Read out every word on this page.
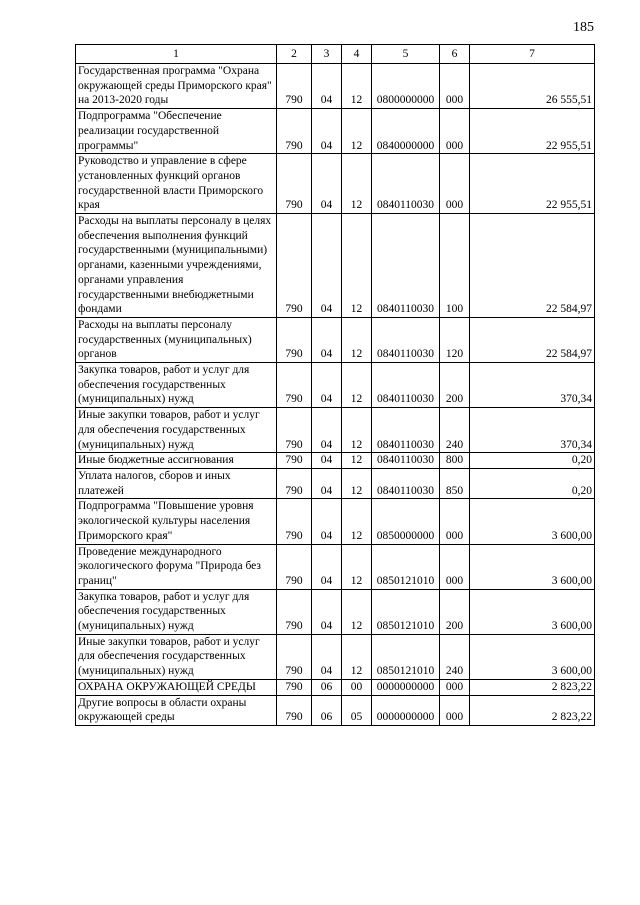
185
1	2	3	4	5	6	7
Государственная программа "Охрана окружающей среды Приморского края" на 2013-2020 годы	790	04	12	0800000000	000	26 555,51
Подпрограмма "Обеспечение реализации государственной программы"	790	04	12	0840000000	000	22 955,51
Руководство и управление в сфере установленных функций органов государственной власти Приморского края	790	04	12	0840110030	000	22 955,51
Расходы на выплаты персоналу в целях обеспечения выполнения функций государственными (муниципальными) органами, казенными учреждениями, органами управления государственными внебюджетными фондами	790	04	12	0840110030	100	22 584,97
Расходы на выплаты персоналу государственных (муниципальных) органов	790	04	12	0840110030	120	22 584,97
Закупка товаров, работ и услуг для обеспечения государственных (муниципальных) нужд	790	04	12	0840110030	200	370,34
Иные закупки товаров, работ и услуг для обеспечения государственных (муниципальных) нужд	790	04	12	0840110030	240	370,34
Иные бюджетные ассигнования	790	04	12	0840110030	800	0,20
Уплата налогов, сборов и иных платежей	790	04	12	0840110030	850	0,20
Подпрограмма "Повышение уровня экологической культуры населения Приморского края"	790	04	12	0850000000	000	3 600,00
Проведение международного экологического форума "Природа без границ"	790	04	12	0850121010	000	3 600,00
Закупка товаров, работ и услуг для обеспечения государственных (муниципальных) нужд	790	04	12	0850121010	200	3 600,00
Иные закупки товаров, работ и услуг для обеспечения государственных (муниципальных) нужд	790	04	12	0850121010	240	3 600,00
ОХРАНА ОКРУЖАЮЩЕЙ СРЕДЫ	790	06	00	0000000000	000	2 823,22
Другие вопросы в области охраны окружающей среды	790	06	05	0000000000	000	2 823,22
